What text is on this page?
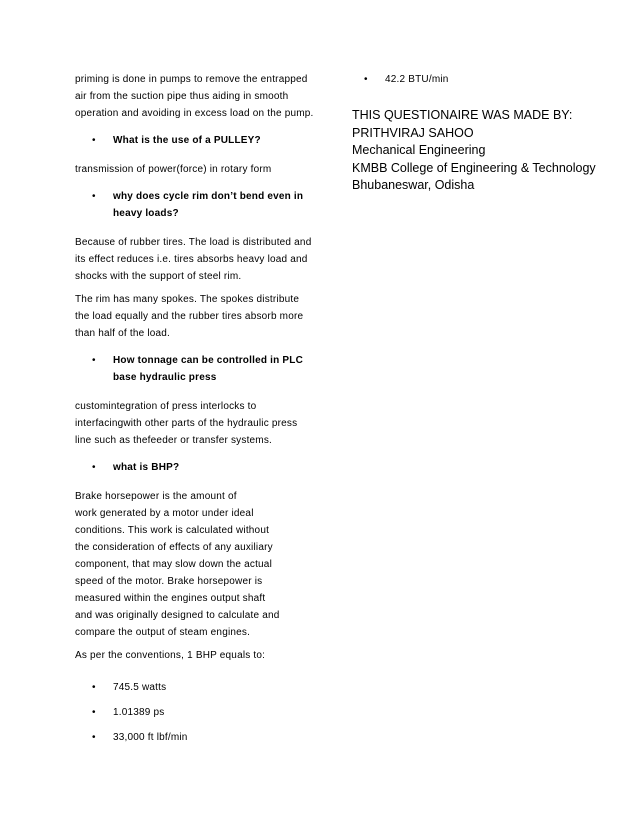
priming is done in pumps to remove the entrapped air from the suction pipe thus aiding in smooth operation and avoiding in excess load on the pump.

• What is the use of a PULLEY?

transmission of power(force) in rotary form

• why does cycle rim don’t bend even in
heavy loads?

Because of rubber tires. The load is distributed and its effect reduces i.e. tires absorbs heavy load and shocks with the support of steel rim.

The rim has many spokes. The spokes distribute the load equally and the rubber tires absorb more than half of the load.

• How tonnage can be controlled in PLC
base hydraulic press

customintegration of press interlocks to interfacingwith other parts of the hydraulic press line such as thefeeder or transfer systems.

• what is BHP?

Brake horsepower is the amount of
work generated by a motor under ideal
conditions. This work is calculated without
the consideration of effects of any auxiliary
component, that may slow down the actual
speed of the motor. Brake horsepower is
measured within the engines output shaft
and was originally designed to calculate and
compare the output of steam engines.

As per the conventions, 1 BHP equals to:

• 745.5 watts
• 1.01389 ps
• 33,000 ft lbf/min
• 42.2 BTU/min
THIS QUESTIONAIRE WAS MADE BY:
PRITHVIRAJ SAHOO
Mechanical Engineering
KMBB College of Engineering & Technology
Bhubaneswar, Odisha
